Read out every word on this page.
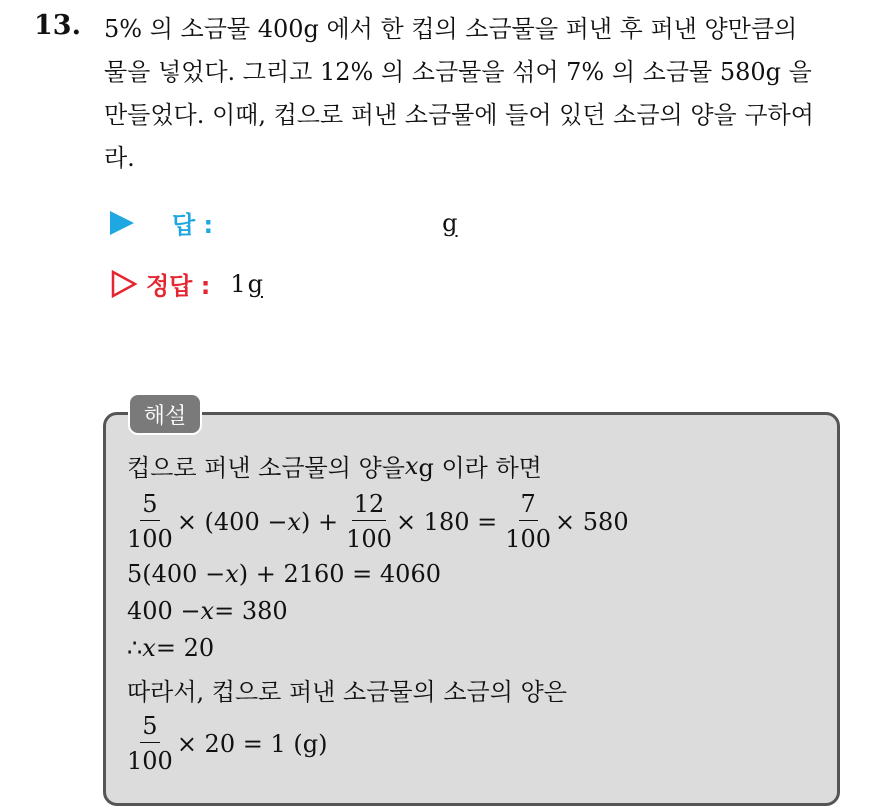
13. 5% 의 소금물 400g 에서 한 컵의 소금물을 퍼낸 후 퍼낸 양만큼의
물을 넣었다. 그리고 12% 의 소금물을 섞어 7% 의 소금물 580g 을
만들었다. 이때, 컵으로 퍼낸 소금물에 들어 있던 소금의 양을 구하여
라.
답 :
	g
정답 : 1g
해설
컵으로 퍼낸 소금물의 양을 x g 이라 하면
$\frac{5}{100} \times (400 - x$ ) + $\frac{12}{100} \times 180 = \frac{7}{100} \times 580$
5(400 − x ) + 2160 = 4060
400 − x = 380
∴ x = 20
따라서, 컵으로 퍼낸 소금물의 소금의 양은
$\frac{5}{100} \times 20 = 1$ (g)
